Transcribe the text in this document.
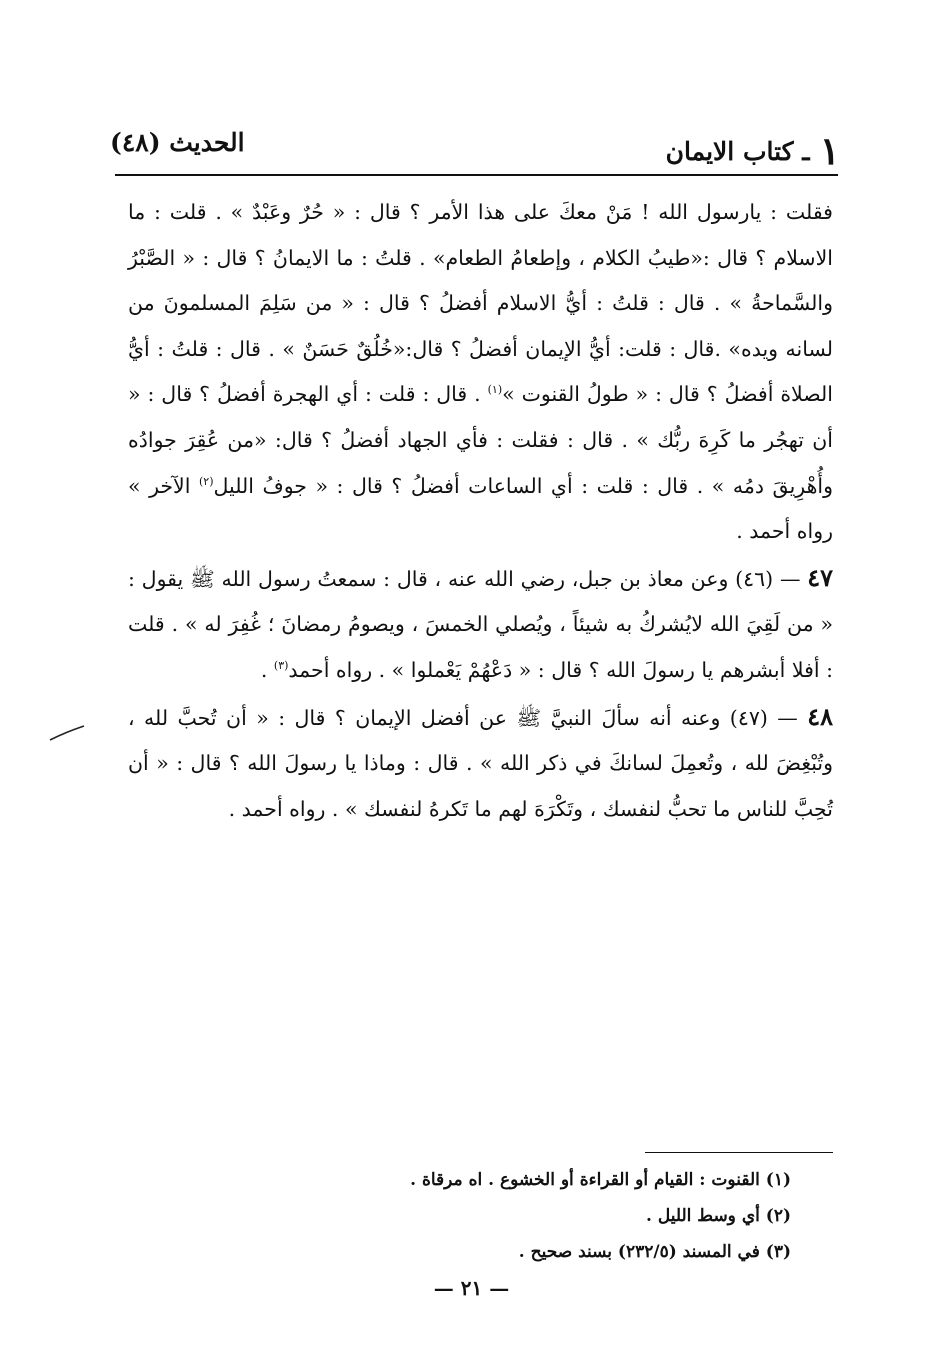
١ـ كتاب الايمان
الحديث (٤٨)

فقلت : يارسول الله ! مَنْ معكَ على هذا الأمر ؟ قال : « حُرٌ وعَبْدٌ » . قلت : ما الاسلام ؟ قال :«طيبُ الكلام ، وإطعامُ الطعام» . قلتُ : ما الايمانُ ؟ قال : « الصَّبْرُ والسَّماحةُ » . قال : قلتُ : أيُّ الاسلام أفضلُ ؟ قال : « من سَلِمَ المسلمونَ من لسانه ويده» .قال : قلت: أيُّ الإيمان أفضلُ ؟ قال:«خُلُقٌ حَسَنٌ » . قال : قلتُ : أيُّ الصلاة أفضلُ ؟ قال : « طولُ القنوت »$^{(١)}$ . قال : قلت : أي الهجرة أفضلُ ؟ قال : « أن تهجُر ما كَرِهَ ربُّك » . قال : فقلت : فأي الجهاد أفضلُ ؟ قال: «من عُقِرَ جوادُه وأُهْرِيقَ دمُه » . قال : قلت : أي الساعات أفضلُ ؟ قال : « جوفُ الليل$^{(٢)}$ الآخر » رواه أحمد .

٤٧ — (٤٦) وعن معاذ بن جبل، رضي الله عنه ، قال : سمعتُ رسول الله ﷺ يقول : « من لَقِيَ الله لايُشركُ به شيئاً ، ويُصلي الخمسَ ، ويصومُ رمضانَ ؛ غُفِرَ له » . قلت : أفلا أبشرهم يا رسولَ الله ؟ قال : « دَعْهُمْ يَعْملوا » . رواه أحمد$^{(٣)}$ .

٤٨ — (٤٧) وعنه أنه سألَ النبيَّ ﷺ عن أفضل الإيمان ؟ قال : « أن تُحبَّ لله ، وتُبْغِضَ لله ، وتُعمِلَ لسانكَ في ذكر الله » . قال : وماذا يا رسولَ الله ؟ قال : « أن تُحِبَّ للناس ما تحبُّ لنفسك ، وتَكْرَهَ لهم ما تَكرهُ لنفسك » . رواه أحمد .

(١) القنوت : القيام أو القراءة أو الخشوع . اه مرقاة .
(٢) أي وسط الليل .
(٣) في المسند (٢٣٢/٥) بسند صحيح .
— ٢١ —
